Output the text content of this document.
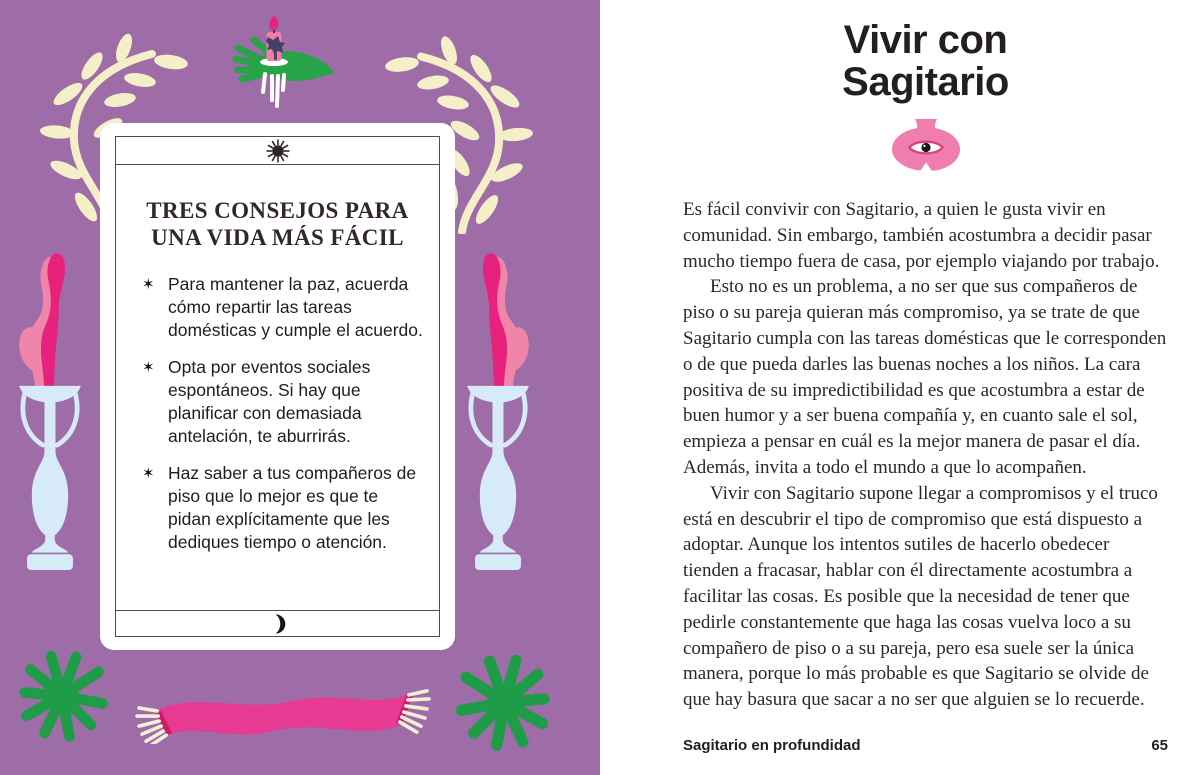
TRES CONSEJOS PARA
UNA VIDA MÁS FÁCIL
✶ Para mantener la paz, acuerda cómo repartir las tareas domésticas y cumple el acuerdo.
✶ Opta por eventos sociales espontáneos. Si hay que planificar con demasiada antelación, te aburrirás.
✶ Haz saber a tus compañeros de piso que lo mejor es que te pidan explícitamente que les dediques tiempo o atención.
Vivir con
Sagitario

Es fácil convivir con Sagitario, a quien le gusta vivir en comunidad. Sin embargo, también acostumbra a decidir pasar mucho tiempo fuera de casa, por ejemplo viajando por trabajo.

Esto no es un problema, a no ser que sus compañeros de piso o su pareja quieran más compromiso, ya se trate de que Sagitario cumpla con las tareas domésticas que le corresponden o de que pueda darles las buenas noches a los niños. La cara positiva de su impredictibilidad es que acostumbra a estar de buen humor y a ser buena compañía y, en cuanto sale el sol, empieza a pensar en cuál es la mejor manera de pasar el día. Además, invita a todo el mundo a que lo acompañen.

Vivir con Sagitario supone llegar a compromisos y el truco está en descubrir el tipo de compromiso que está dispuesto a adoptar. Aunque los intentos sutiles de hacerlo obedecer tienden a fracasar, hablar con él directamente acostumbra a facilitar las cosas. Es posible que la necesidad de tener que pedirle constantemente que haga las cosas vuelva loco a su compañero de piso o a su pareja, pero esa suele ser la única manera, porque lo más probable es que Sagitario se olvide de que hay basura que sacar a no ser que alguien se lo recuerde.

Sagitario en profundidad	65
